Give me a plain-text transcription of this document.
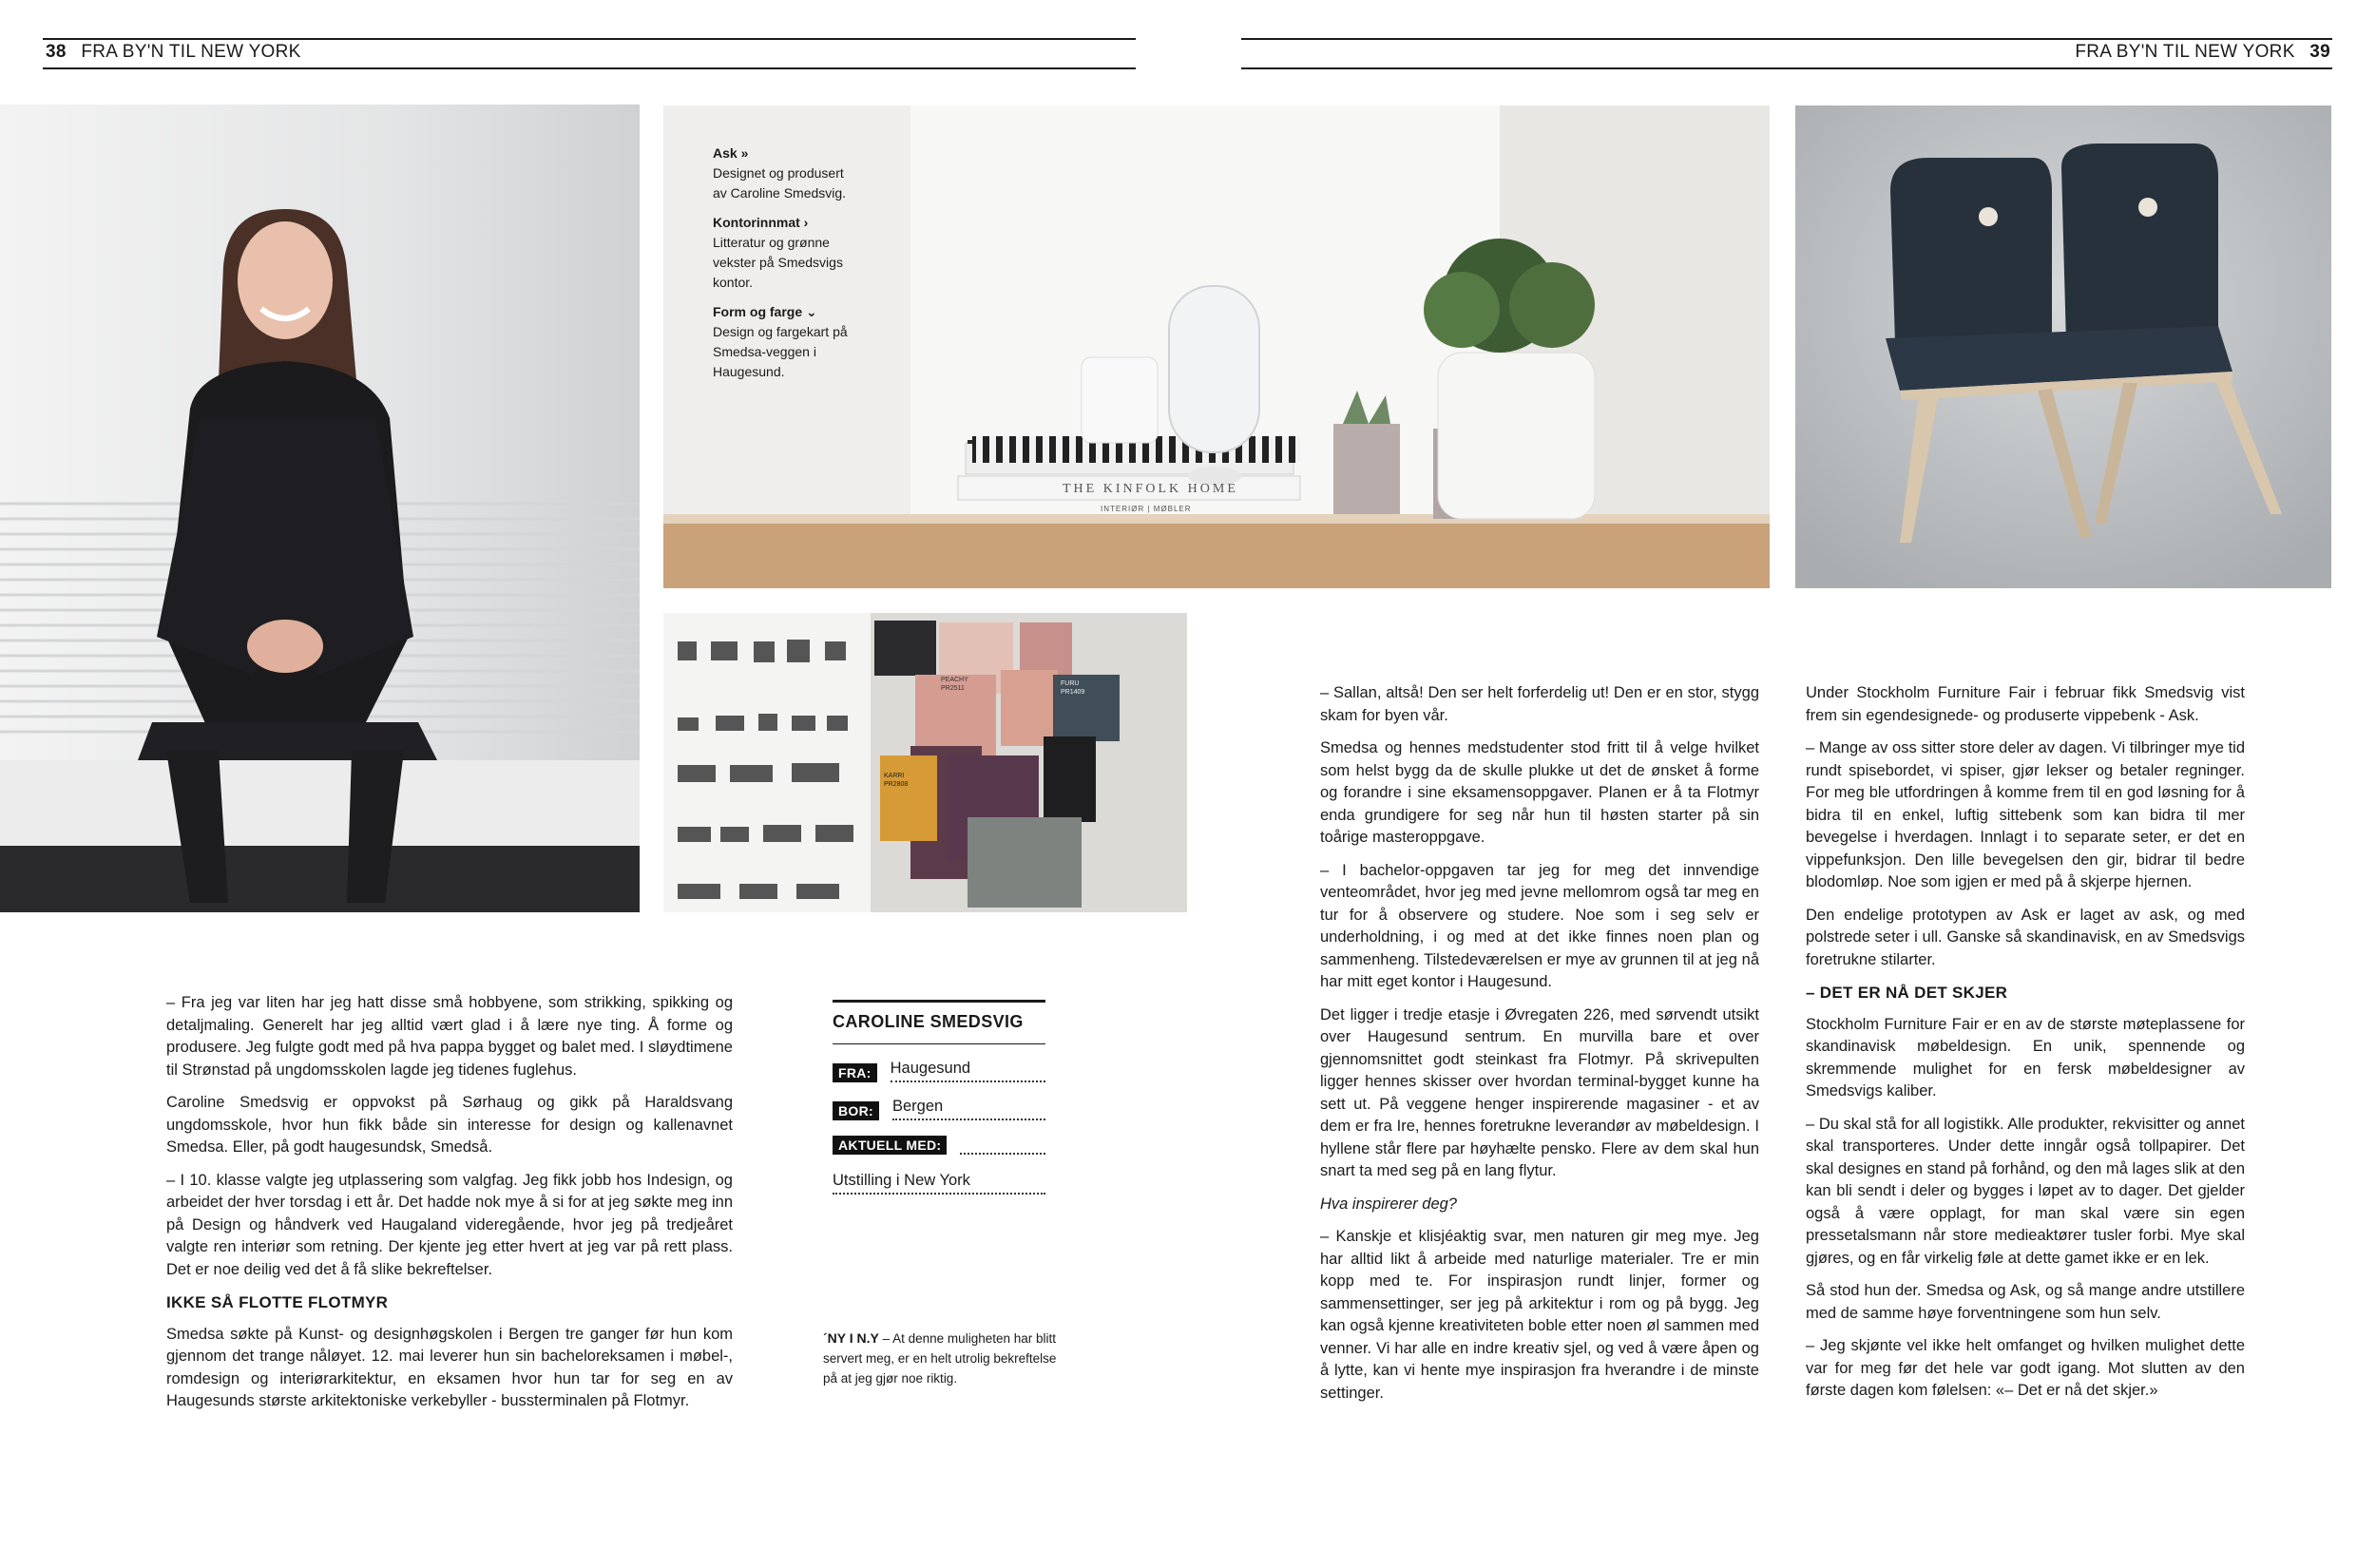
38 FRA BY'N TIL NEW YORK	FRA BY'N TIL NEW YORK 39
Ask »
Designet og produsert av Caroline Smedsvig.
Kontorinnmat ›
Litteratur og grønne vekster på Smedsvigs kontor.
Form og farge ⌄
Design og fargekart på Smedsa-veggen i Haugesund.
THE KINFOLK HOME
INTERIØR | MØBLER
PEACHY
PR2511
FURU
PR1409
KARRI
PR2808

– Fra jeg var liten har jeg hatt disse små hobbyene, som strikking, spikking og detaljmaling. Generelt har jeg alltid vært glad i å lære nye ting. Å forme og produsere. Jeg fulgte godt med på hva pappa bygget og balet med. I sløydtimene til Strønstad på ungdomsskolen lagde jeg tidenes fuglehus.

Caroline Smedsvig er oppvokst på Sørhaug og gikk på Haraldsvang ungdomsskole, hvor hun fikk både sin interesse for design og kallenavnet Smedsa. Eller, på godt haugesundsk, Smedså.

– I 10. klasse valgte jeg utplassering som valgfag. Jeg fikk jobb hos Indesign, og arbeidet der hver torsdag i ett år. Det hadde nok mye å si for at jeg søkte meg inn på Design og håndverk ved Haugaland videregående, hvor jeg på tredjeåret valgte ren interiør som retning. Der kjente jeg etter hvert at jeg var på rett plass. Det er noe deilig ved det å få slike bekreftelser.

IKKE SÅ FLOTTE FLOTMYR

Smedsa søkte på Kunst- og designhøgskolen i Bergen tre ganger før hun kom gjennom det trange nåløyet. 12. mai leverer hun sin bacheloreksamen i møbel-, romdesign og interiørarkitektur, en eksamen hvor hun tar for seg en av Haugesunds største arkitektoniske verkebyller - bussterminalen på Flotmyr.

CAROLINE SMEDSVIG
FRA:	Haugesund
BOR:	Bergen
AKTUELL MED:
Utstilling i New York
´NY I N.Y – At denne muligheten har blitt servert meg, er en helt utrolig bekreftelse på at jeg gjør noe riktig.

– Sallan, altså! Den ser helt forferdelig ut! Den er en stor, stygg skam for byen vår.

Smedsa og hennes medstudenter stod fritt til å velge hvilket som helst bygg da de skulle plukke ut det de ønsket å forme og forandre i sine eksamensoppgaver. Planen er å ta Flotmyr enda grundigere for seg når hun til høsten starter på sin toårige masteroppgave.

– I bachelor-oppgaven tar jeg for meg det innvendige venteområdet, hvor jeg med jevne mellomrom også tar meg en tur for å observere og studere. Noe som i seg selv er underholdning, i og med at det ikke finnes noen plan og sammenheng. Tilstedeværelsen er mye av grunnen til at jeg nå har mitt eget kontor i Haugesund.

Det ligger i tredje etasje i Øvregaten 226, med sørvendt utsikt over Haugesund sentrum. En murvilla bare et over gjennomsnittet godt steinkast fra Flotmyr. På skrivepulten ligger hennes skisser over hvordan terminal-bygget kunne ha sett ut. På veggene henger inspirerende magasiner - et av dem er fra Ire, hennes foretrukne leverandør av møbeldesign. I hyllene står flere par høyhælte pensko. Flere av dem skal hun snart ta med seg på en lang flytur.

Hva inspirerer deg?

– Kanskje et klisjéaktig svar, men naturen gir meg mye. Jeg har alltid likt å arbeide med naturlige materialer. Tre er min kopp med te. For inspirasjon rundt linjer, former og sammensettinger, ser jeg på arkitektur i rom og på bygg. Jeg kan også kjenne kreativiteten boble etter noen øl sammen med venner. Vi har alle en indre kreativ sjel, og ved å være åpen og å lytte, kan vi hente mye inspirasjon fra hverandre i de minste settinger.

Under Stockholm Furniture Fair i februar fikk Smedsvig vist frem sin egendesignede- og produserte vippebenk - Ask.

– Mange av oss sitter store deler av dagen. Vi tilbringer mye tid rundt spisebordet, vi spiser, gjør lekser og betaler regninger. For meg ble utfordringen å komme frem til en god løsning for å bidra til en enkel, luftig sittebenk som kan bidra til mer bevegelse i hverdagen. Innlagt i to separate seter, er det en vippefunksjon. Den lille bevegelsen den gir, bidrar til bedre blodomløp. Noe som igjen er med på å skjerpe hjernen.

Den endelige prototypen av Ask er laget av ask, og med polstrede seter i ull. Ganske så skandinavisk, en av Smedsvigs foretrukne stilarter.

– DET ER NÅ DET SKJER

Stockholm Furniture Fair er en av de største møteplassene for skandinavisk møbeldesign. En unik, spennende og skremmende mulighet for en fersk møbeldesigner av Smedsvigs kaliber.

– Du skal stå for all logistikk. Alle produkter, rekvisitter og annet skal transporteres. Under dette inngår også tollpapirer. Det skal designes en stand på forhånd, og den må lages slik at den kan bli sendt i deler og bygges i løpet av to dager. Det gjelder også å være opplagt, for man skal være sin egen pressetalsmann når store medieaktører tusler forbi. Mye skal gjøres, og en får virkelig føle at dette gamet ikke er en lek.

Så stod hun der. Smedsa og Ask, og så mange andre utstillere med de samme høye forventningene som hun selv.

– Jeg skjønte vel ikke helt omfanget og hvilken mulighet dette var for meg før det hele var godt igang. Mot slutten av den første dagen kom følelsen: «– Det er nå det skjer.»
